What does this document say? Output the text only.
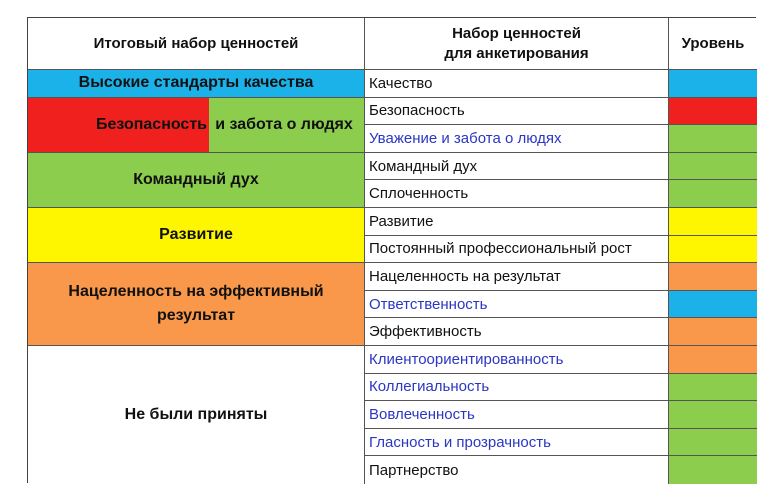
Итоговый набор ценностей
Набор ценностей
для анкетирования
Уровень
Высокие стандарты качества
Безопасность и забота о людях
Командный дух
Развитие
Нацеленность на эффективный результат
Не были приняты
Качество
Безопасность
Уважение и забота о людях
Командный дух
Сплоченность
Развитие
Постоянный профессиональный рост
Нацеленность на результат
Ответственность
Эффективность
Клиентоориентированность
Коллегиальность
Вовлеченность
Гласность и прозрачность
Партнерство
